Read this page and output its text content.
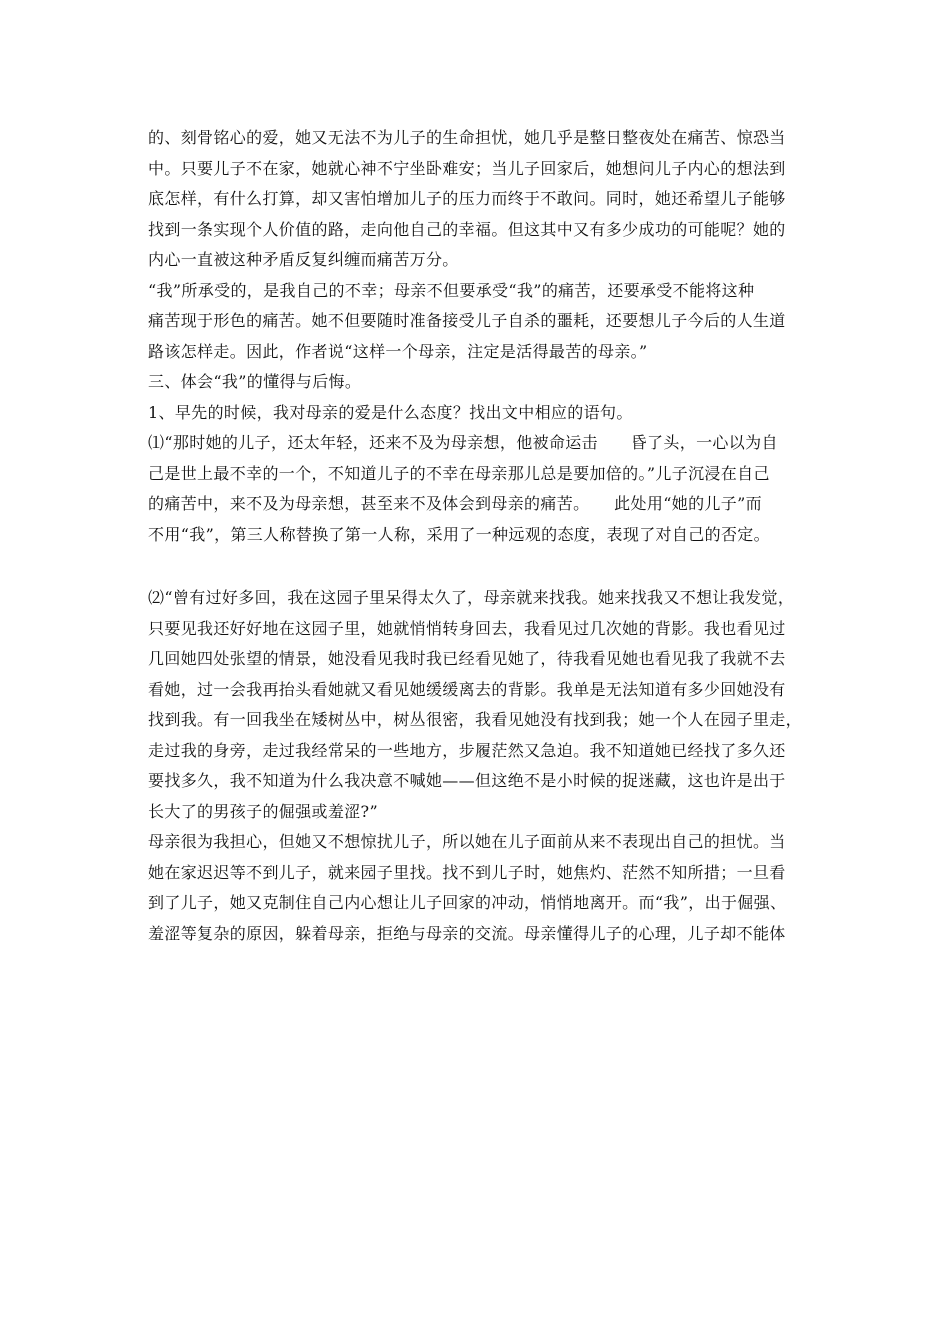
的、刻骨铭心的爱，她又无法不为儿子的生命担忧，她几乎是整日整夜处在痛苦、惊恐当
中。只要儿子不在家，她就心神不宁坐卧难安；当儿子回家后，她想问儿子内心的想法到
底怎样，有什么打算，却又害怕增加儿子的压力而终于不敢问。同时，她还希望儿子能够
找到一条实现个人价值的路，走向他自己的幸福。但这其中又有多少成功的可能呢？她的
内心一直被这种矛盾反复纠缠而痛苦万分。
“我”所承受的，是我自己的不幸；母亲不但要承受“我”的痛苦，还要承受不能将这种
痛苦现于形色的痛苦。她不但要随时准备接受儿子自杀的噩耗，还要想儿子今后的人生道
路该怎样走。因此，作者说“这样一个母亲，注定是活得最苦的母亲。”
三、体会“我”的懂得与后悔。
1、早先的时候，我对母亲的爱是什么态度？找出文中相应的语句。
⑴“那时她的儿子，还太年轻，还来不及为母亲想，他被命运击　　昏了头，一心以为自
己是世上最不幸的一个，不知道儿子的不幸在母亲那儿总是要加倍的。”儿子沉浸在自己
的痛苦中，来不及为母亲想，甚至来不及体会到母亲的痛苦。　　此处用“她的儿子”而
不用“我”，第三人称替换了第一人称，采用了一种远观的态度，表现了对自己的否定。
⑵“曾有过好多回，我在这园子里呆得太久了，母亲就来找我。她来找我又不想让我发觉，
只要见我还好好地在这园子里，她就悄悄转身回去，我看见过几次她的背影。我也看见过
几回她四处张望的情景，她没看见我时我已经看见她了，待我看见她也看见我了我就不去
看她，过一会我再抬头看她就又看见她缓缓离去的背影。我单是无法知道有多少回她没有
找到我。有一回我坐在矮树丛中，树丛很密，我看见她没有找到我；她一个人在园子里走，
走过我的身旁，走过我经常呆的一些地方，步履茫然又急迫。我不知道她已经找了多久还
要找多久，我不知道为什么我决意不喊她——但这绝不是小时候的捉迷藏，这也许是出于
长大了的男孩子的倔强或羞涩?”
母亲很为我担心，但她又不想惊扰儿子，所以她在儿子面前从来不表现出自己的担忧。当
她在家迟迟等不到儿子，就来园子里找。找不到儿子时，她焦灼、茫然不知所措；一旦看
到了儿子，她又克制住自己内心想让儿子回家的冲动，悄悄地离开。而“我”，出于倔强、
羞涩等复杂的原因，躲着母亲，拒绝与母亲的交流。母亲懂得儿子的心理，儿子却不能体
